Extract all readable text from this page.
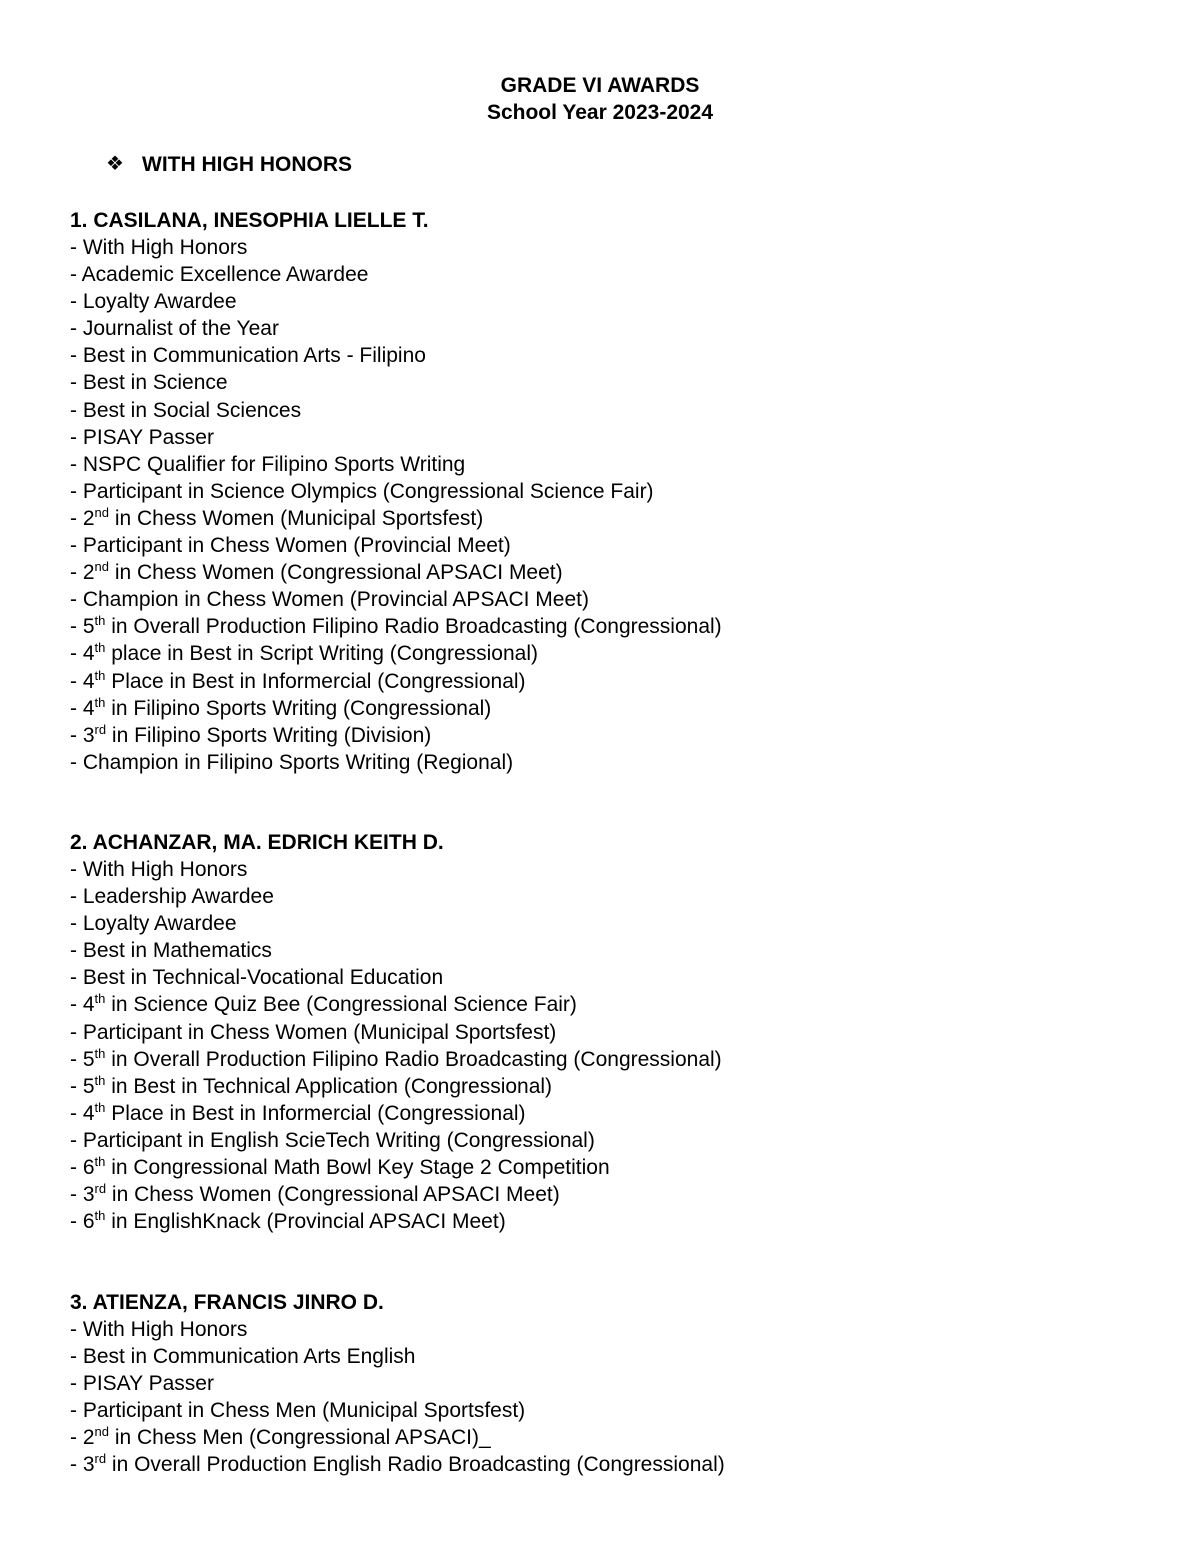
GRADE VI AWARDS
School Year 2023-2024
❖ WITH HIGH HONORS
1. CASILANA, INESOPHIA LIELLE T.
- With High Honors
- Academic Excellence Awardee
- Loyalty Awardee
- Journalist of the Year
- Best in Communication Arts - Filipino
- Best in Science
- Best in Social Sciences
- PISAY Passer
- NSPC Qualifier for Filipino Sports Writing
- Participant in Science Olympics (Congressional Science Fair)
- 2nd in Chess Women (Municipal Sportsfest)
- Participant in Chess Women (Provincial Meet)
- 2nd in Chess Women (Congressional APSACI Meet)
- Champion in Chess Women (Provincial APSACI Meet)
- 5th in Overall Production Filipino Radio Broadcasting (Congressional)
- 4th place in Best in Script Writing (Congressional)
- 4th Place in Best in Informercial (Congressional)
- 4th in Filipino Sports Writing (Congressional)
- 3rd in Filipino Sports Writing (Division)
- Champion in Filipino Sports Writing (Regional)
2. ACHANZAR, MA. EDRICH KEITH D.
- With High Honors
- Leadership Awardee
- Loyalty Awardee
- Best in Mathematics
- Best in Technical-Vocational Education
- 4th in Science Quiz Bee (Congressional Science Fair)
- Participant in Chess Women (Municipal Sportsfest)
- 5th in Overall Production Filipino Radio Broadcasting (Congressional)
- 5th in Best in Technical Application (Congressional)
- 4th Place in Best in Informercial (Congressional)
- Participant in English ScieTech Writing (Congressional)
- 6th in Congressional Math Bowl Key Stage 2 Competition
- 3rd in Chess Women (Congressional APSACI Meet)
- 6th in EnglishKnack (Provincial APSACI Meet)
3. ATIENZA, FRANCIS JINRO D.
- With High Honors
- Best in Communication Arts English
- PISAY Passer
- Participant in Chess Men (Municipal Sportsfest)
- 2nd in Chess Men (Congressional APSACI)_
- 3rd in Overall Production English Radio Broadcasting (Congressional)
